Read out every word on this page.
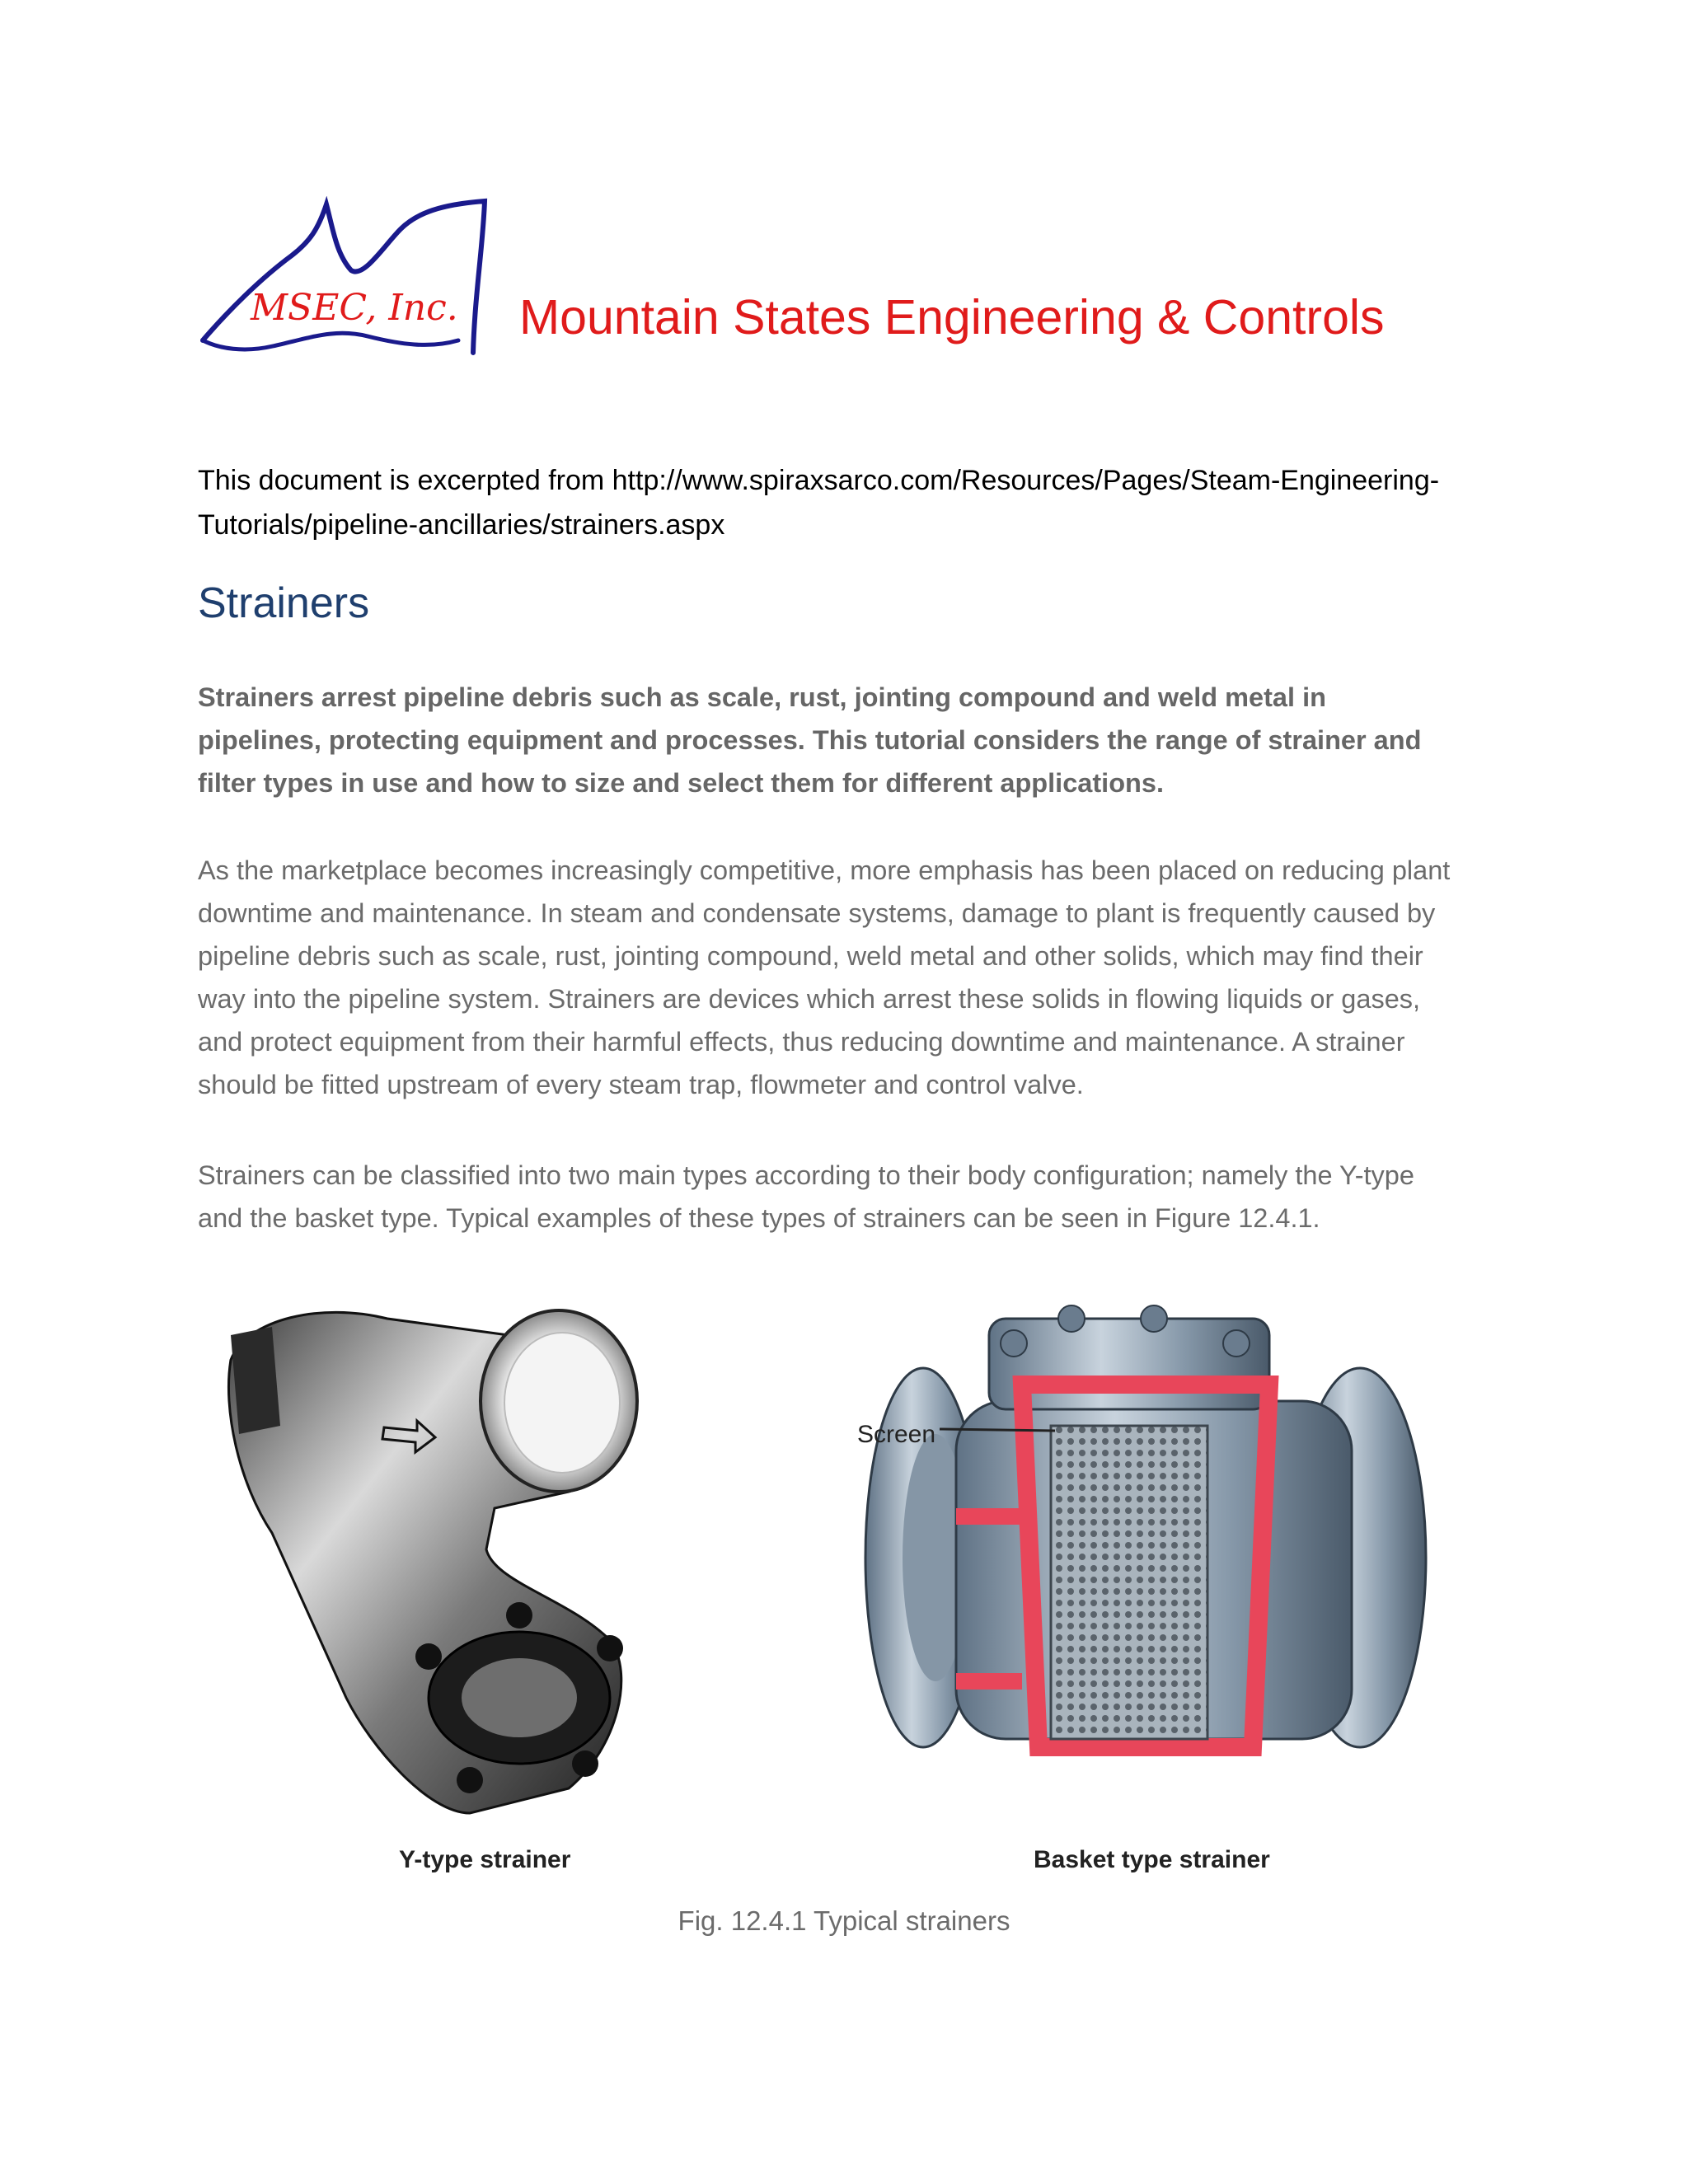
MSEC, Inc. Mountain States Engineering & Controls
This document is excerpted from http://www.spiraxsarco.com/Resources/Pages/Steam-Engineering-
Tutorials/pipeline-ancillaries/strainers.aspx
Strainers
Strainers arrest pipeline debris such as scale, rust, jointing compound and weld metal in
pipelines, protecting equipment and processes. This tutorial considers the range of strainer and
filter types in use and how to size and select them for different applications.
As the marketplace becomes increasingly competitive, more emphasis has been placed on reducing plant
downtime and maintenance. In steam and condensate systems, damage to plant is frequently caused by
pipeline debris such as scale, rust, jointing compound, weld metal and other solids, which may find their
way into the pipeline system. Strainers are devices which arrest these solids in flowing liquids or gases,
and protect equipment from their harmful effects, thus reducing downtime and maintenance. A strainer
should be fitted upstream of every steam trap, flowmeter and control valve.
Strainers can be classified into two main types according to their body configuration; namely the Y-type
and the basket type. Typical examples of these types of strainers can be seen in Figure 12.4.1.
Screen
Y-type strainer	Basket type strainer
Fig. 12.4.1 Typical strainers
